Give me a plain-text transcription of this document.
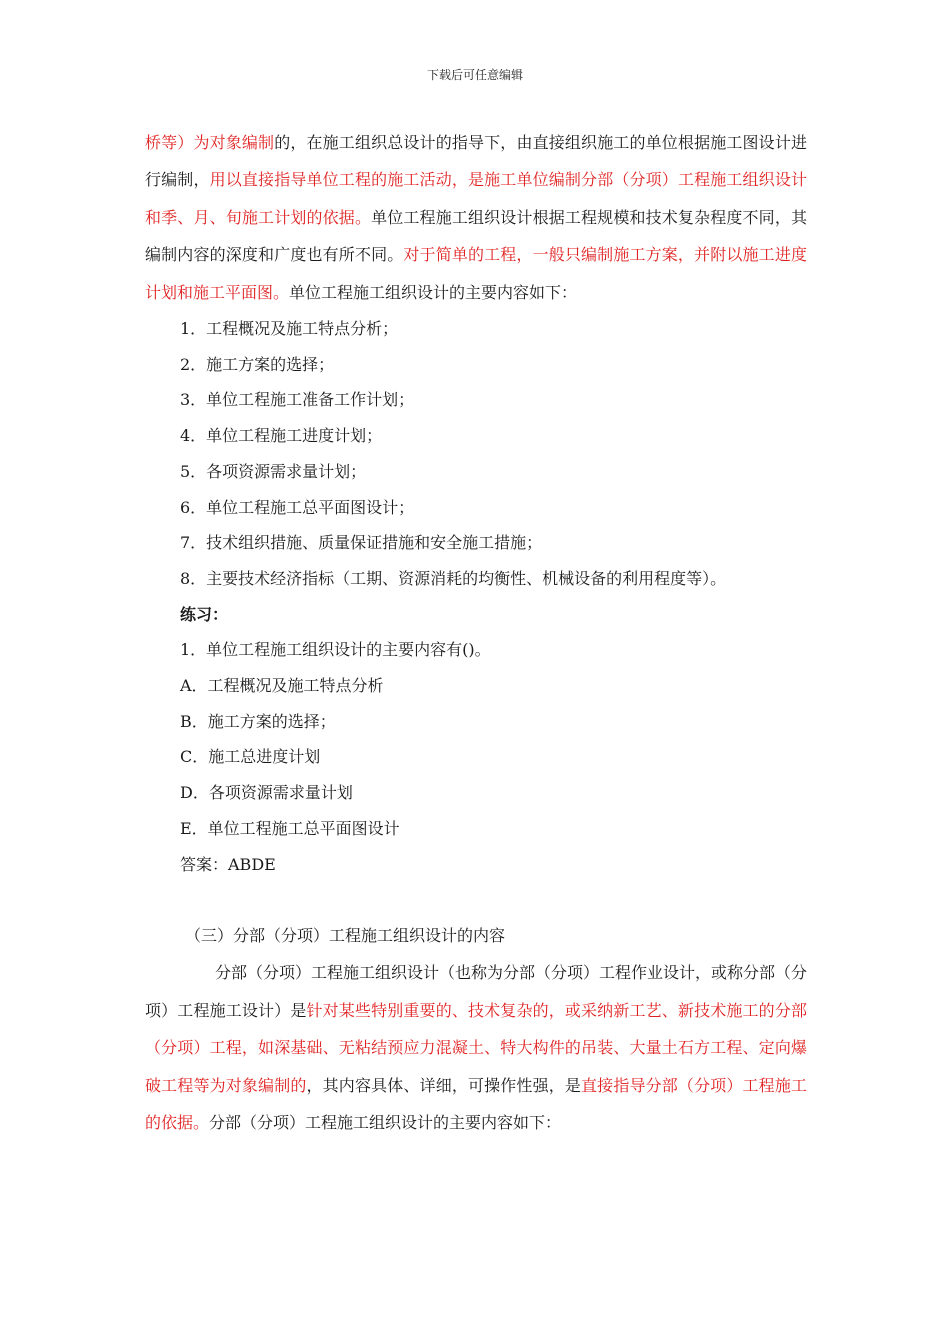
下载后可任意编辑

桥等）为对象编制的，在施工组织总设计的指导下，由直接组织施工的单位根据施工图设计进行编制，用以直接指导单位工程的施工活动，是施工单位编制分部（分项）工程施工组织设计和季、月、旬施工计划的依据。单位工程施工组织设计根据工程规模和技术复杂程度不同，其编制内容的深度和广度也有所不同。对于简单的工程，一般只编制施工方案，并附以施工进度计划和施工平面图。单位工程施工组织设计的主要内容如下：

1．工程概况及施工特点分析；

2．施工方案的选择；

3．单位工程施工准备工作计划；

4．单位工程施工进度计划；

5．各项资源需求量计划；

6．单位工程施工总平面图设计；

7．技术组织措施、质量保证措施和安全施工措施；

8．主要技术经济指标（工期、资源消耗的均衡性、机械设备的利用程度等）。

练习：

1．单位工程施工组织设计的主要内容有()。

A．工程概况及施工特点分析

B．施工方案的选择；

C．施工总进度计划

D．各项资源需求量计划

E．单位工程施工总平面图设计

答案：ABDE

（三）分部（分项）工程施工组织设计的内容

分部（分项）工程施工组织设计（也称为分部（分项）工程作业设计，或称分部（分项）工程施工设计）是针对某些特别重要的、技术复杂的，或采纳新工艺、新技术施工的分部（分项）工程，如深基础、无粘结预应力混凝土、特大构件的吊装、大量土石方工程、定向爆破工程等为对象编制的，其内容具体、详细，可操作性强，是直接指导分部（分项）工程施工的依据。分部（分项）工程施工组织设计的主要内容如下：
